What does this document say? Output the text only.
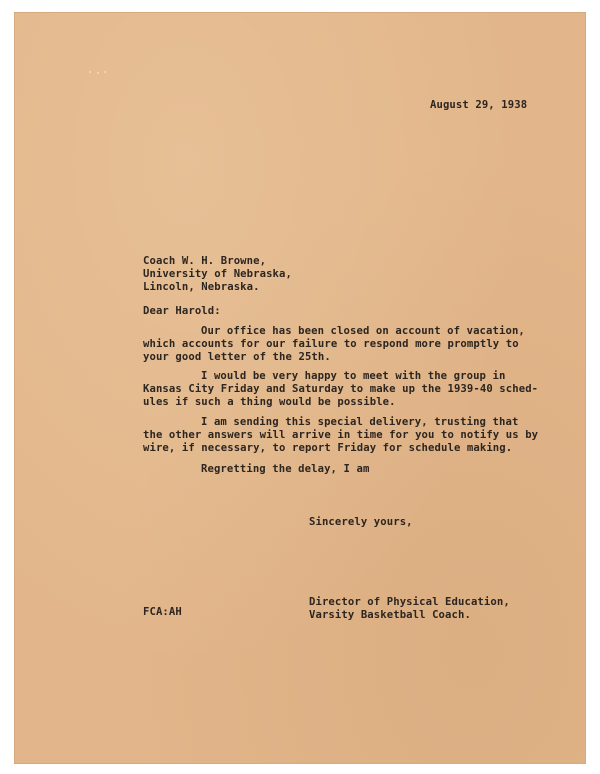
August 29, 1938
Coach W. H. Browne,
University of Nebraska,
Lincoln, Nebraska.
Dear Harold:
Our office has been closed on account of vacation,
which accounts for our failure to respond more promptly to
your good letter of the 25th.
I would be very happy to meet with the group in
Kansas City Friday and Saturday to make up the 1939-40 sched-
ules if such a thing would be possible.
I am sending this special delivery, trusting that
the other answers will arrive in time for you to notify us by
wire, if necessary, to report Friday for schedule making.
Regretting the delay, I am
Sincerely yours,
Director of Physical Education,
Varsity Basketball Coach.
FCA:AH
